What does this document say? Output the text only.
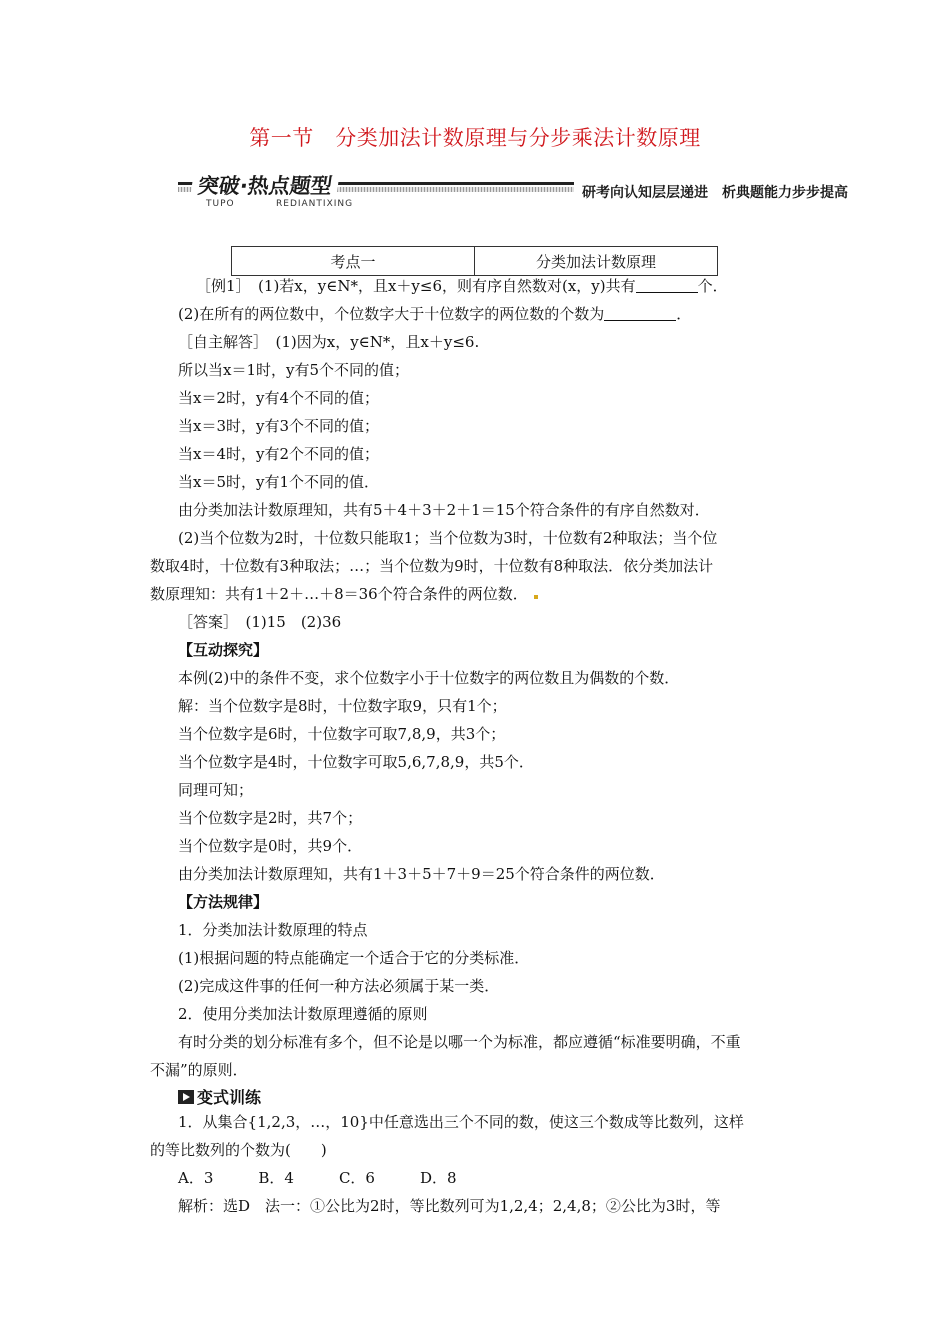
第一节　分类加法计数原理与分步乘法计数原理
突破·热点题型
TUPO	REDIANTIXING
研考向认知层层递进　析典题能力步步提高
考点一	分类加法计数原理
［例1］　(1)若x，y∈N*，且x＋y≤6，则有序自然数对(x，y)共有	个．
(2)在所有的两位数中，个位数字大于十位数字的两位数的个数为	．
［自主解答］　(1)因为x，y∈N*，且x＋y≤6.
所以当x＝1时，y有5个不同的值；
当x＝2时，y有4个不同的值；
当x＝3时，y有3个不同的值；
当x＝4时，y有2个不同的值；
当x＝5时，y有1个不同的值．
由分类加法计数原理知，共有5＋4＋3＋2＋1＝15个符合条件的有序自然数对．
(2)当个位数为2时，十位数只能取1；当个位数为3时，十位数有2种取法；当个位
数取4时，十位数有3种取法；…；当个位数为9时，十位数有8种取法．依分类加法计
数原理知：共有1＋2＋…＋8＝36个符合条件的两位数．
［答案］　(1)15　(2)36
【互动探究】
本例(2)中的条件不变，求个位数字小于十位数字的两位数且为偶数的个数．
解：当个位数字是8时，十位数字取9，只有1个；
当个位数字是6时，十位数字可取7,8,9，共3个；
当个位数字是4时，十位数字可取5,6,7,8,9，共5个．
同理可知；
当个位数字是2时，共7个；
当个位数字是0时，共9个．
由分类加法计数原理知，共有1＋3＋5＋7＋9＝25个符合条件的两位数．
【方法规律】
1．分类加法计数原理的特点
(1)根据问题的特点能确定一个适合于它的分类标准．
(2)完成这件事的任何一种方法必须属于某一类．
2．使用分类加法计数原理遵循的原则
有时分类的划分标准有多个，但不论是以哪一个为标准，都应遵循“标准要明确，不重
不漏”的原则．
变式训练
1．从集合{1,2,3，…，10}中任意选出三个不同的数，使这三个数成等比数列，这样
的等比数列的个数为(　　)
A．3　　　B．4　　　C．6　　　D．8
解析：选D　法一：①公比为2时，等比数列可为1,2,4；2,4,8；②公比为3时，等
